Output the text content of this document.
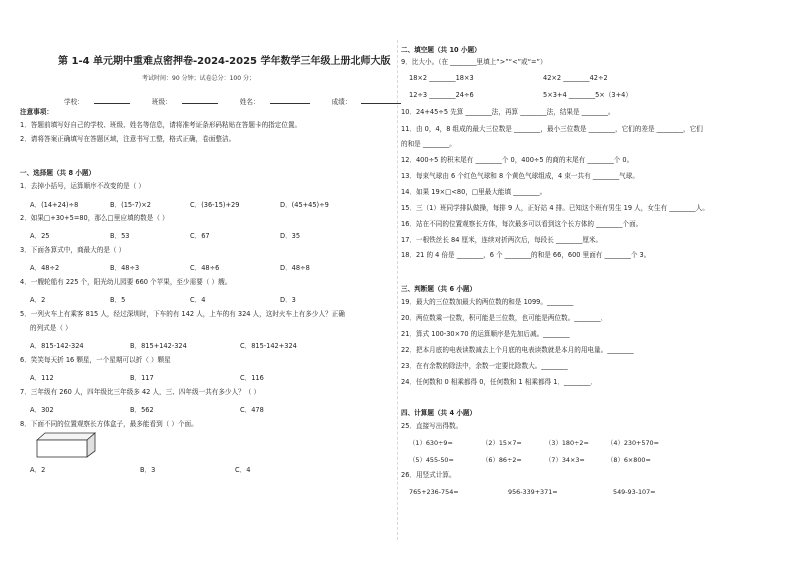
第 1-4 单元期中重难点密押卷-2024-2025 学年数学三年级上册北师大版
考试时间：90 分钟；试卷总分：100 分；
学校：	班级：	姓名：	成绩：
注意事项：
1．答题前填写好自己的学校、班级、姓名等信息，请将准考证条形码粘贴在答题卡的指定位置。
2．请将答案正确填写在答题区域，注意书写工整，格式正确，卷面整洁。
一、选择题（共 8 小题）
1．去掉小括号，运算顺序不改变的是（ ）
A．(14+24)÷8	B．(15-7)×2	C．(36-15)+29	D．(45+45)÷9
2．如果□+30+5=80，那么□里应填的数是（ ）
A．25	B．53	C．67	D．35
3．下面各算式中，商最大的是（ ）
A．48÷2	B．48÷3	C．48÷6	D．48÷8
4．一艘轮船有 225 个，阳光幼儿园要 660 个苹果，至少需要（ ）艘。
A．2	B．5	C．4	D．3
5．一列火车上有乘客 815 人，经过深圳时，下车的有 142 人，上车的有 324 人，这时火车上有多少人？正确
的列式是（ ）
A．815-142-324	B．815+142-324	C．815-142+324
6．笑笑每天折 16 颗星，一个星期可以折（ ）颗星
A．112	B．117	C．116
7．三年级有 260 人，四年级比三年级多 42 人，三、四年级一共有多少人？（ ）
A．302	B．562	C．478
8．下面不同的位置观察长方体盒子，最多能看到（ ）个面。
A．2	B．3	C．4
二、填空题（共 10 小题）
9．比大小。（在 ________里填上“>”“<”或“=”）
18×2 ________18×3	42×2 ________42÷2
12÷3 ________24÷6	5×3+4 ________5×（3+4）
10．24+45÷5 先算 ________法，再算 ________法，结果是 ________。
11．由 0，4，8 组成的最大三位数是 ________，最小三位数是 ________，它们的差是 ________，它们
的和是 ________。
12．400÷5 的积末尾有 ________个 0，400÷5 的商的末尾有 ________个 0。
13．每束气球由 6 个红色气球和 8 个黄色气球组成，4 束一共有 ________气球。
14．如果 19×□<80，□里最大能填 ________。
15．三（1）班同学排队做操，每排 9 人，正好站 4 排。已知这个班有男生 19 人，女生有 ________人。
16．站在不同的位置观察长方体，每次最多可以看到这个长方体的 ________个面。
17．一根铁丝长 84 厘米，连续对折两次后，每段长 ________厘米。
18．21 的 4 倍是 ________，6 个 ________的和是 66，600 里面有 ________个 3。
三、判断题（共 6 小题）
19．最大的三位数加最大的两位数的和是 1099。________
20．两位数乘一位数，积可能是三位数，也可能是两位数。________．
21．算式 100-30×70 的运算顺序是先加后减。________
22．把本月底的电表读数减去上个月底的电表读数就是本月的用电量。________
23．在有余数的除法中，余数一定要比除数大。________
24．任何数和 0 相乘都得 0，任何数和 1 相乘都得 1．________．
四、计算题（共 4 小题）
25．直接写出得数。
（1）630÷9=	（2）15×7=	（3）180÷2=	（4）230+570=
（5）455-50=	（6）86÷2=	（7）34×3=	（8）6×800=
26．用竖式计算。
765+236-754=	956-339+371=	549-93-107=
